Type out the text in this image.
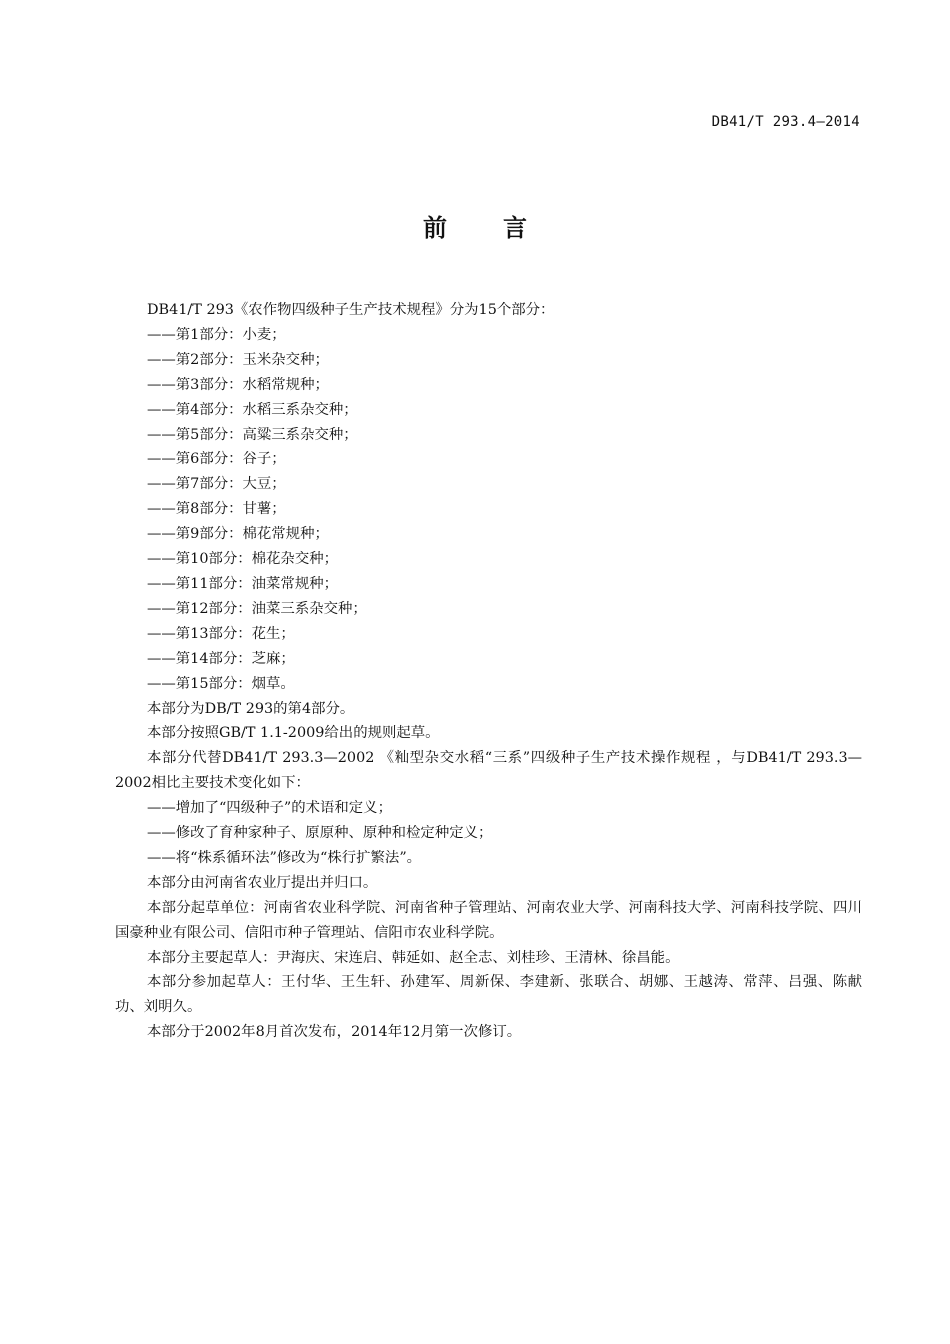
DB41/T 293.4—2014
前 言

DB41/T 293《农作物四级种子生产技术规程》分为15个部分：

——第1部分：小麦；

——第2部分：玉米杂交种；

——第3部分：水稻常规种；

——第4部分：水稻三系杂交种；

——第5部分：高粱三系杂交种；

——第6部分：谷子；

——第7部分：大豆；

——第8部分：甘薯；

——第9部分：棉花常规种；

——第10部分：棉花杂交种；

——第11部分：油菜常规种；

——第12部分：油菜三系杂交种；

——第13部分：花生；

——第14部分：芝麻；

——第15部分：烟草。

本部分为DB/T 293的第4部分。

本部分按照GB/T 1.1-2009给出的规则起草。

本部分代替DB41/T 293.3—2002 《籼型杂交水稻“三系”四级种子生产技术操作规程 ，与DB41/T 293.3—2002相比主要技术变化如下：

——增加了“四级种子”的术语和定义；

——修改了育种家种子、原原种、原种和检定种定义；

——将“株系循环法”修改为“株行扩繁法”。

本部分由河南省农业厅提出并归口。

本部分起草单位：河南省农业科学院、河南省种子管理站、河南农业大学、河南科技大学、河南科技学院、四川国豪种业有限公司、信阳市种子管理站、信阳市农业科学院。

本部分主要起草人：尹海庆、宋连启、韩延如、赵全志、刘桂珍、王清林、徐昌能。

本部分参加起草人：王付华、王生轩、孙建军、周新保、李建新、张联合、胡娜、王越涛、常萍、吕强、陈献功、刘明久。

本部分于2002年8月首次发布，2014年12月第一次修订。
